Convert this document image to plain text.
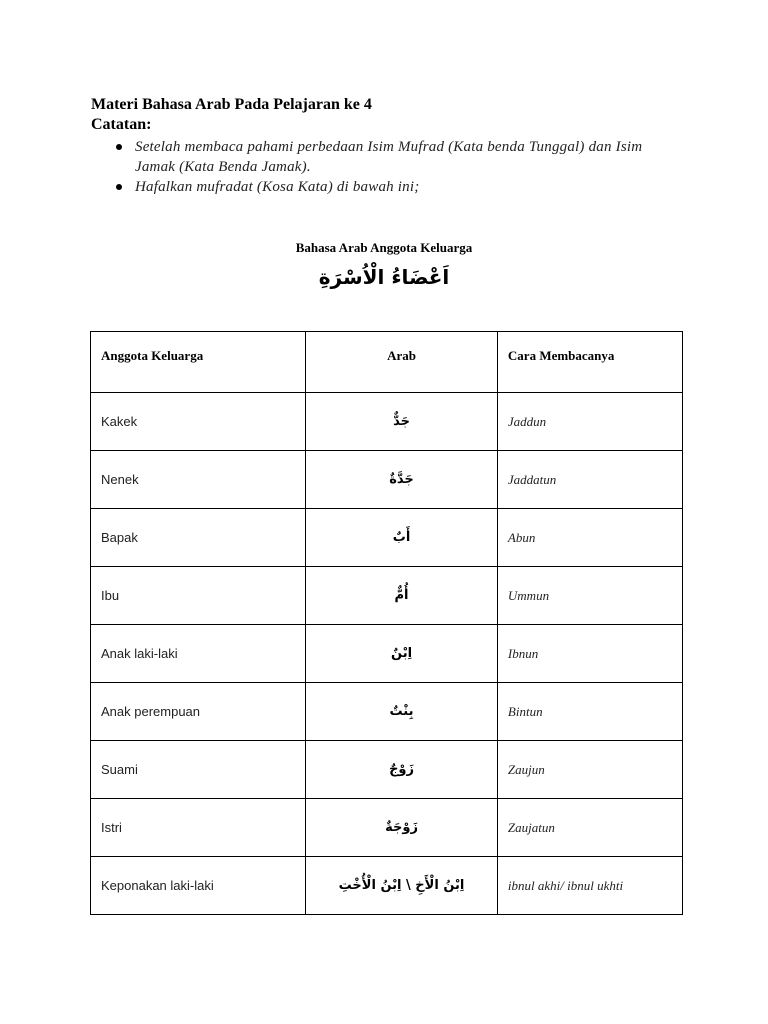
Materi Bahasa Arab Pada Pelajaran ke 4
Catatan:
Setelah membaca pahami perbedaan Isim Mufrad (Kata benda Tunggal) dan Isim Jamak (Kata Benda Jamak).
Hafalkan mufradat (Kosa Kata) di bawah ini;
Bahasa Arab Anggota Keluarga
اَعْضَاءُ الْاُسْرَةِ
Anggota Keluarga	Arab	Cara Membacanya
Kakek	جَدٌّ	Jaddun
Nenek	جَدَّةٌ	Jaddatun
Bapak	أَبٌ	Abun
Ibu	أُمٌّ	Ummun
Anak laki-laki	اِبْنٌ	Ibnun
Anak perempuan	بِنْتٌ	Bintun
Suami	زَوْجٌ	Zaujun
Istri	زَوْجَةٌ	Zaujatun
Keponakan laki-laki	اِبْنُ الْأَخِ \ اِبْنُ الْأُخْتِ	ibnul akhi/ ibnul ukhti
